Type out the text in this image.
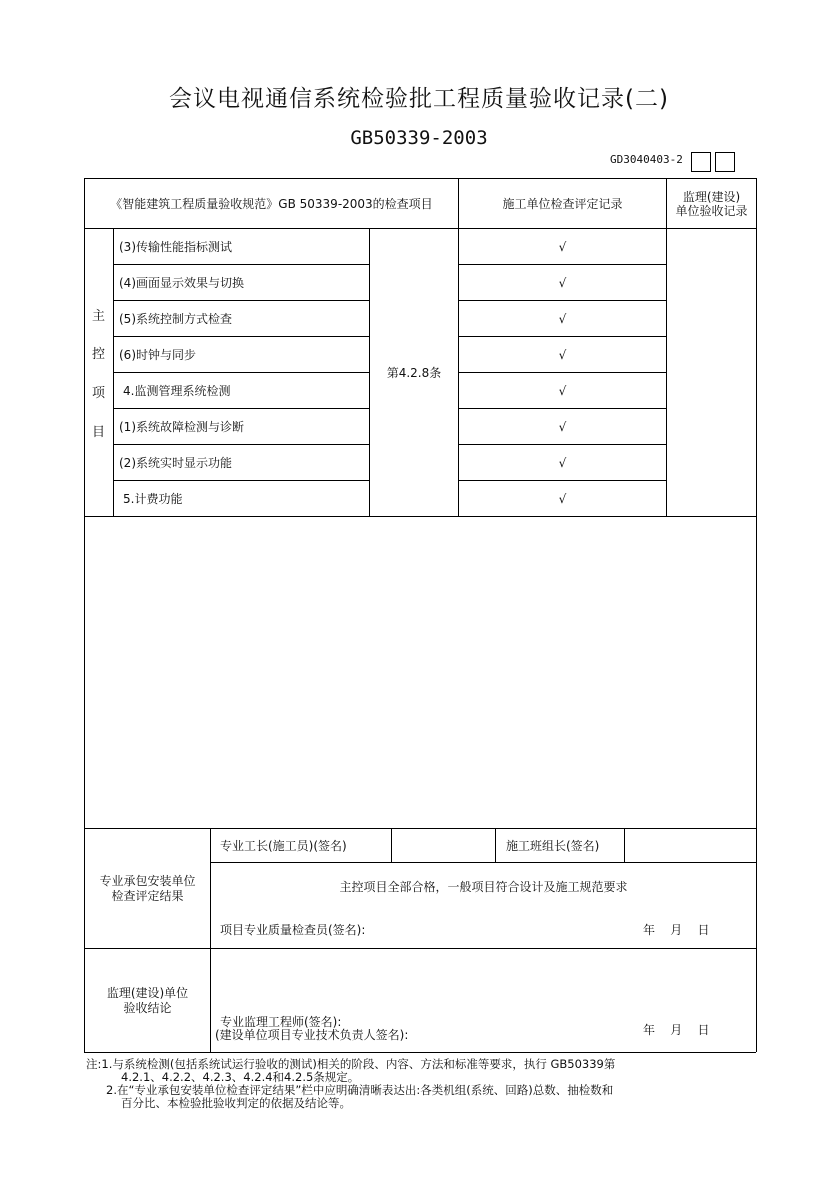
会议电视通信系统检验批工程质量验收记录(二)
GB50339-2003
GD3040403-2
《智能建筑工程质量验收规范》GB 50339-2003的检查项目	施工单位检查评定记录
监理(建设)
单位验收记录
主
控
项
目
第4.2.8条
(3)传输性能指标测试	√
(4)画面显示效果与切换	√
(5)系统控制方式检查	√
(6)时钟与同步	√
4.监测管理系统检测	√
(1)系统故障检测与诊断	√
(2)系统实时显示功能	√
5.计费功能	√
专业承包安装单位
检查评定结果
专业工长(施工员)(签名)	施工班组长(签名)
主控项目全部合格，一般项目符合设计及施工规范要求
项目专业质量检查员(签名):	年    月    日
监理(建设)单位
验收结论
专业监理工程师(签名):
(建设单位项目专业技术负责人签名):	年    月    日
注:1.与系统检测(包括系统试运行验收的测试)相关的阶段、内容、方法和标准等要求，执行 GB50339第
4.2.1、4.2.2、4.2.3、4.2.4和4.2.5条规定。
2.在“专业承包安装单位检查评定结果”栏中应明确清晰表达出:各类机组(系统、回路)总数、抽检数和
百分比、本检验批验收判定的依据及结论等。
